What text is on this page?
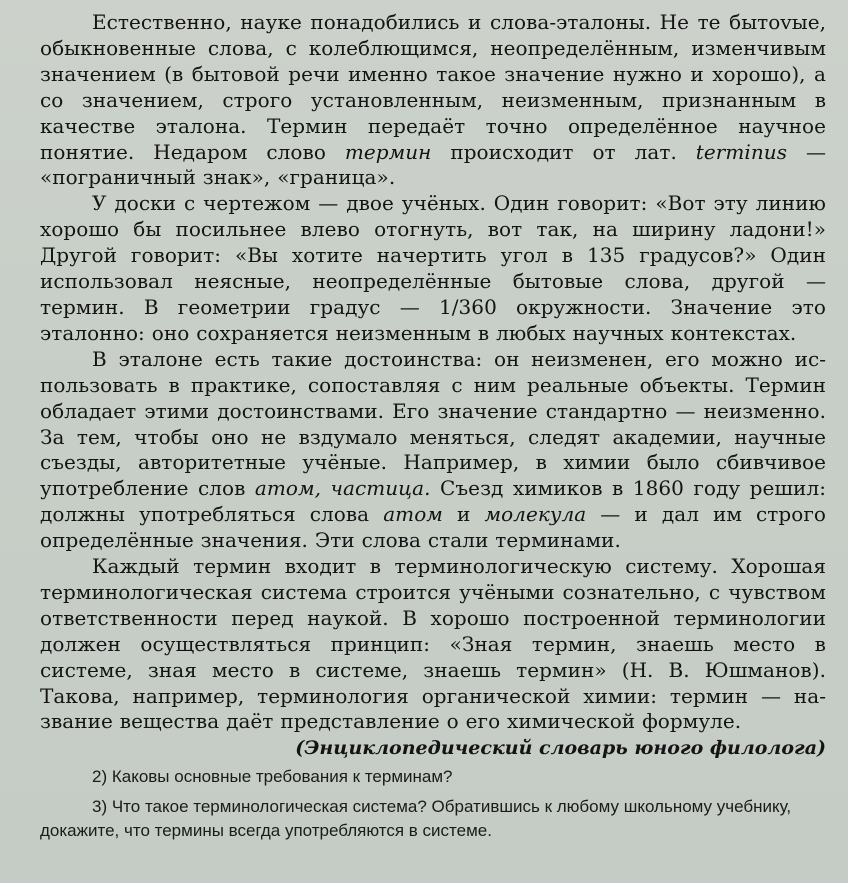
Естественно, науке понадобились и слова-эталоны. Не те бытоvые, обыкновенные слова, с колеблющимся, неопределённым, изменчивым значением (в бытовой речи именно такое значение нужно и хорошо), а со значением, строго установленным, неизменным, признанным в качестве эталона. Термин передаёт точно определённое научное понятие. Недаром слово термин происходит от лат. terminus — «пограничный знак», «граница».

У доски с чертежом — двое учёных. Один говорит: «Вот эту линию хорошо бы посильнее влево отогнуть, вот так, на ширину ладони!» Другой говорит: «Вы хотите начертить угол в 135 градусов?» Один использовал неясные, неопределённые бытовые слова, другой — термин. В геометрии градус — 1/360 окружности. Значение это эталонно: оно сохраняется неизменным в любых научных контекстах.

В эталоне есть такие достоинства: он неизменен, его можно использовать в практике, сопоставляя с ним реальные объекты. Термин обладает этими достоинствами. Его значение стандартно — неизменно. За тем, чтобы оно не вздумало меняться, следят академии, научные съезды, авторитетные учёные. Например, в химии было сбивчивое употребление слов атом, частица. Съезд химиков в 1860 году решил: должны употребляться слова атом и молекула — и дал им строго определённые значения. Эти слова стали терминами.

Каждый термин входит в терминологическую систему. Хорошая терминологическая система строится учёными сознательно, с чувством ответственности перед наукой. В хорошо построенной терминологии должен осуществляться принцип: «Зная термин, знаешь место в системе, зная место в системе, знаешь термин» (Н. В. Юшманов). Такова, например, терминология органической химии: термин — название вещества даёт представление о его химической формуле.

(Энциклопедический словарь юного филолога)
2) Каковы основные требования к терминам?
3) Что такое терминологическая система? Обратившись к любому школьному учебнику, докажите, что термины всегда употребляются в системе.
